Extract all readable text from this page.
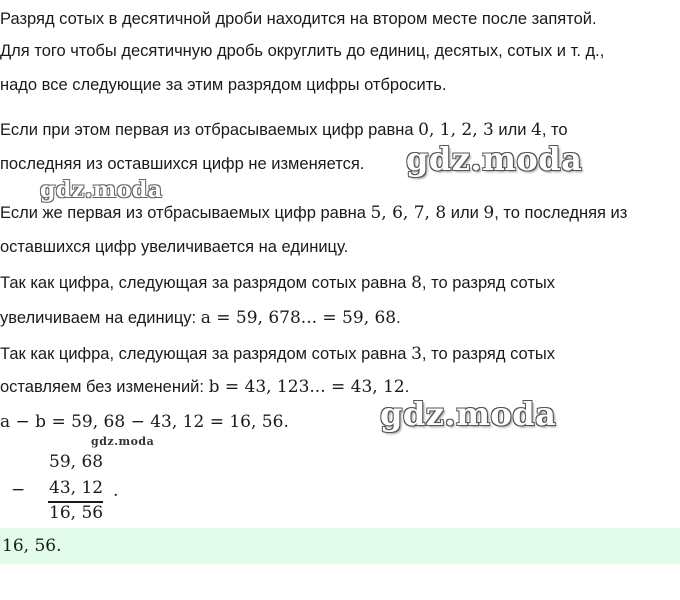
Разряд сотых в десятичной дроби находится на втором месте после запятой.
Для того чтобы десятичную дробь округлить до единиц, десятых, сотых и т. д.,
надо все следующие за этим разрядом цифры отбросить.
Если при этом первая из отбрасываемых цифр равна 0, 1, 2, 3 или 4, то
последняя из оставшихся цифр не изменяется. gdz.moda
gdz.moda
Если же первая из отбрасываемых цифр равна 5, 6, 7, 8 или 9, то последняя из
оставшихся цифр увеличивается на единицу.
Так как цифра, следующая за разрядом сотых равна 8, то разряд сотых
увеличиваем на единицу: a = 59, 678... = 59, 68.
Так как цифра, следующая за разрядом сотых равна 3, то разряд сотых
оставляем без изменений: b = 43, 123... = 43, 12.
a − b = 59, 68 − 43, 12 = 16, 56.	gdz.moda
gdz.moda
59, 68
− 43, 12 .
16, 56
16, 56.
